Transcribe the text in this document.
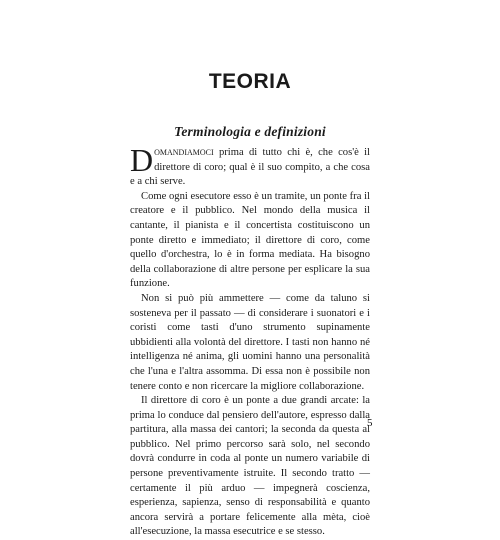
TEORIA
Terminologia e definizioni

Domandiamoci prima di tutto chi è, che cos'è il direttore di coro; qual è il suo compito, a che cosa e a chi serve.

Come ogni esecutore esso è un tramite, un ponte fra il creatore e il pubblico. Nel mondo della musica il cantante, il pianista e il concertista costituiscono un ponte diretto e immediato; il direttore di coro, come quello d'orchestra, lo è in forma mediata. Ha bisogno della collaborazione di altre persone per esplicare la sua funzione.

Non si può più ammettere — come da taluno si sosteneva per il passato — di considerare i suonatori e i coristi come tasti d'uno strumento supinamente ubbidienti alla volontà del direttore. I tasti non hanno né intelligenza né anima, gli uomini hanno una personalità che l'una e l'altra assomma. Di essa non è possibile non tenere conto e non ricercare la migliore collaborazione.

Il direttore di coro è un ponte a due grandi arcate: la prima lo conduce dal pensiero dell'autore, espresso dalla partitura, alla massa dei cantori; la seconda da questa al pubblico. Nel primo percorso sarà solo, nel secondo dovrà condurre in coda al ponte un numero variabile di persone preventivamente istruite. Il secondo tratto — certamente il più arduo — impegnerà coscienza, esperienza, sapienza, senso di responsabilità e quanto ancora servirà a portare felicemente alla mèta, cioè all'esecuzione, la massa esecutrice e se stesso.

5
